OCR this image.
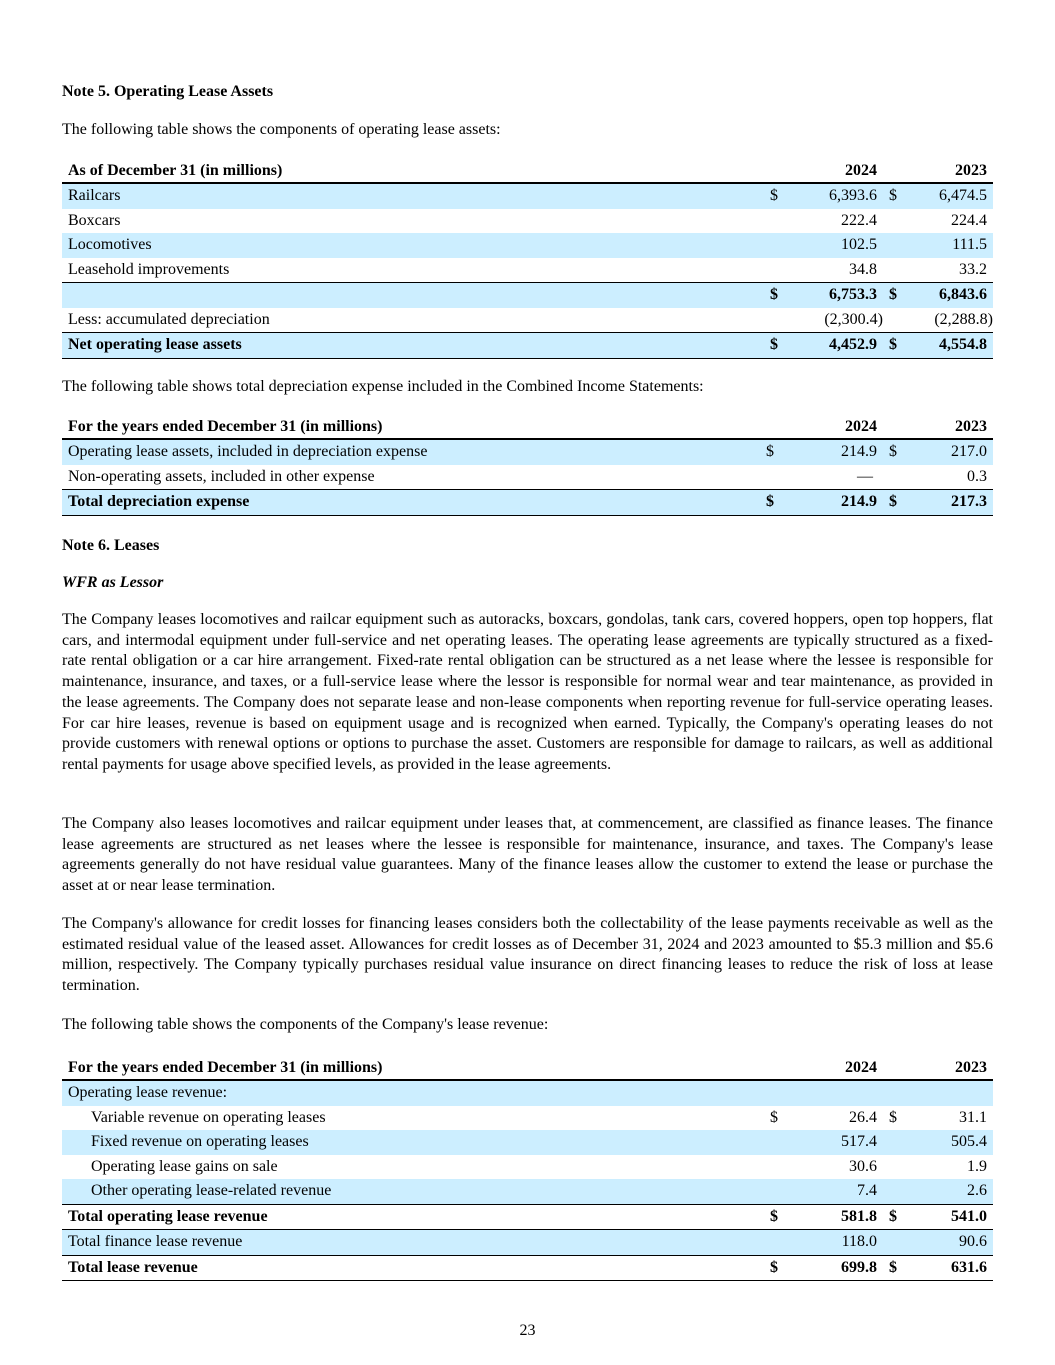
Note 5. Operating Lease Assets
The following table shows the components of operating lease assets:
As of December 31 (in millions)		2024		2023
Railcars	$	6,393.6	$	6,474.5
Boxcars		222.4		224.4
Locomotives		102.5		111.5
Leasehold improvements		34.8		33.2
	$	6,753.3	$	6,843.6
Less: accumulated depreciation		(2,300.4)		(2,288.8)
Net operating lease assets	$	4,452.9	$	4,554.8
The following table shows total depreciation expense included in the Combined Income Statements:
For the years ended December 31 (in millions)		2024		2023
Operating lease assets, included in depreciation expense	$	214.9	$	217.0
Non-operating assets, included in other expense		—		0.3
Total depreciation expense	$	214.9	$	217.3
Note 6. Leases
WFR as Lessor
The Company leases locomotives and railcar equipment such as autoracks, boxcars, gondolas, tank cars, covered hoppers, open top hoppers, flat cars, and intermodal equipment under full-service and net operating leases. The operating lease agreements are typically structured as a fixed-rate rental obligation or a car hire arrangement. Fixed-rate rental obligation can be structured as a net lease where the lessee is responsible for maintenance, insurance, and taxes, or a full-service lease where the lessor is responsible for normal wear and tear maintenance, as provided in the lease agreements. The Company does not separate lease and non-lease components when reporting revenue for full-service operating leases. For car hire leases, revenue is based on equipment usage and is recognized when earned. Typically, the Company's operating leases do not provide customers with renewal options or options to purchase the asset. Customers are responsible for damage to railcars, as well as additional rental payments for usage above specified levels, as provided in the lease agreements.
The Company also leases locomotives and railcar equipment under leases that, at commencement, are classified as finance leases. The finance lease agreements are structured as net leases where the lessee is responsible for maintenance, insurance, and taxes. The Company's lease agreements generally do not have residual value guarantees. Many of the finance leases allow the customer to extend the lease or purchase the asset at or near lease termination.
The Company's allowance for credit losses for financing leases considers both the collectability of the lease payments receivable as well as the estimated residual value of the leased asset. Allowances for credit losses as of December 31, 2024 and 2023 amounted to $5.3 million and $5.6 million, respectively. The Company typically purchases residual value insurance on direct financing leases to reduce the risk of loss at lease termination.
The following table shows the components of the Company's lease revenue:
For the years ended December 31 (in millions)		2024		2023
Operating lease revenue:				
Variable revenue on operating leases	$	26.4	$	31.1
Fixed revenue on operating leases		517.4		505.4
Operating lease gains on sale		30.6		1.9
Other operating lease-related revenue		7.4		2.6
Total operating lease revenue	$	581.8	$	541.0
Total finance lease revenue		118.0		90.6
Total lease revenue	$	699.8	$	631.6
23
